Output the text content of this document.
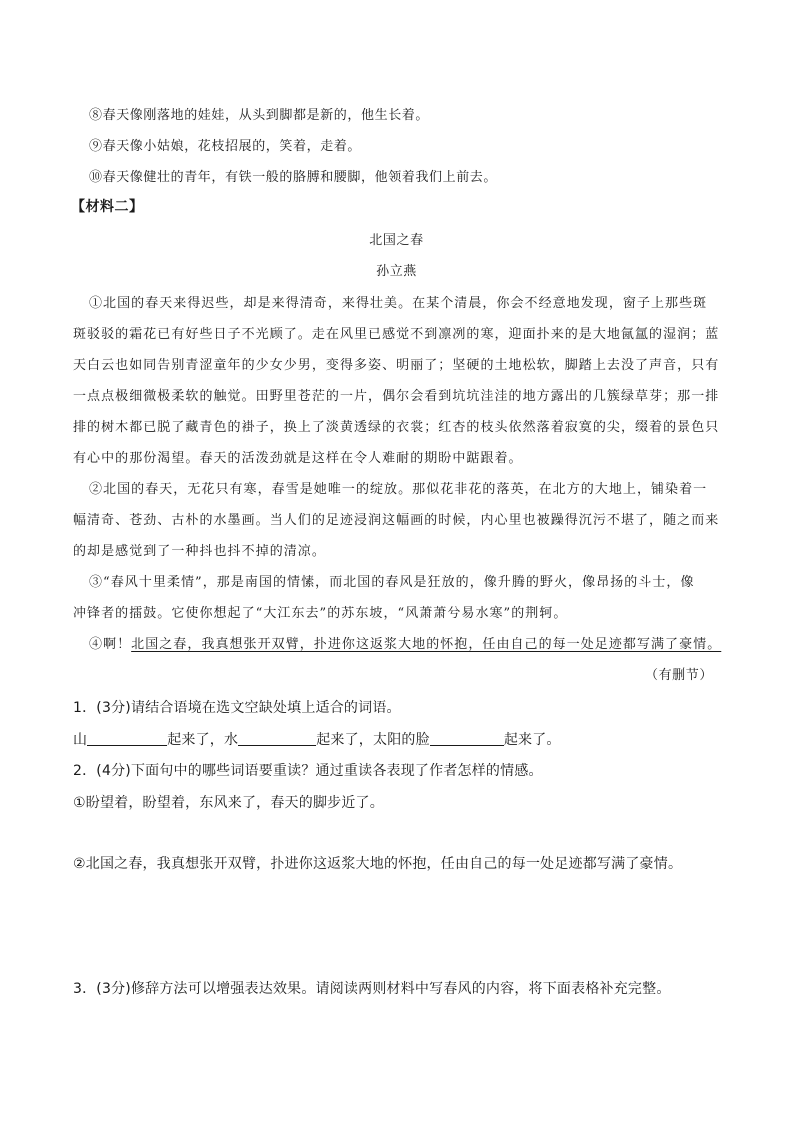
⑧春天像刚落地的娃娃，从头到脚都是新的，他生长着。
⑨春天像小姑娘，花枝招展的，笑着，走着。
⑩春天像健壮的青年，有铁一般的胳膊和腰脚，他领着我们上前去。
【材料二】
北国之春
孙立燕
①北国的春天来得迟些，却是来得清奇，来得壮美。在某个清晨，你会不经意地发现，窗子上那些斑
斑驳驳的霜花已有好些日子不光顾了。走在风里已感觉不到凛冽的寒，迎面扑来的是大地氤氲的湿润；蓝
天白云也如同告别青涩童年的少女少男，变得多姿、明丽了；坚硬的土地松软，脚踏上去没了声音，只有
一点点极细微极柔软的触觉。田野里苍茫的一片，偶尔会看到坑坑洼洼的地方露出的几簇绿草芽；那一排
排的树木都已脱了藏青色的褂子，换上了淡黄透绿的衣裳；红杏的枝头依然落着寂寞的尖，缀着的景色只
有心中的那份渴望。春天的活泼劲就是这样在令人难耐的期盼中踮跟着。
②北国的春天，无花只有寒，春雪是她唯一的绽放。那似花非花的落英，在北方的大地上，铺染着一
幅清奇、苍劲、古朴的水墨画。当人们的足迹浸润这幅画的时候，内心里也被躁得沉污不堪了，随之而来
的却是感觉到了一种抖也抖不掉的清凉。
③“春风十里柔情”，那是南国的情愫，而北国的春风是狂放的，像升腾的野火，像昂扬的斗士，像
冲锋者的擂鼓。它使你想起了“大江东去”的苏东坡，“风萧萧兮易水寒”的荆轲。
④啊！北国之春，我真想张开双臂，扑进你这返浆大地的怀抱，任由自己的每一处足迹都写满了豪情。
（有删节）
1．(3分)请结合语境在选文空缺处填上适合的词语。
山	起来了，水	起来了，太阳的脸	起来了。
2．(4分)下面句中的哪些词语要重读？通过重读各表现了作者怎样的情感。
①盼望着，盼望着，东风来了，春天的脚步近了。
②北国之春，我真想张开双臂，扑进你这返浆大地的怀抱，任由自己的每一处足迹都写满了豪情。
3．(3分)修辞方法可以增强表达效果。请阅读两则材料中写春风的内容，将下面表格补充完整。
